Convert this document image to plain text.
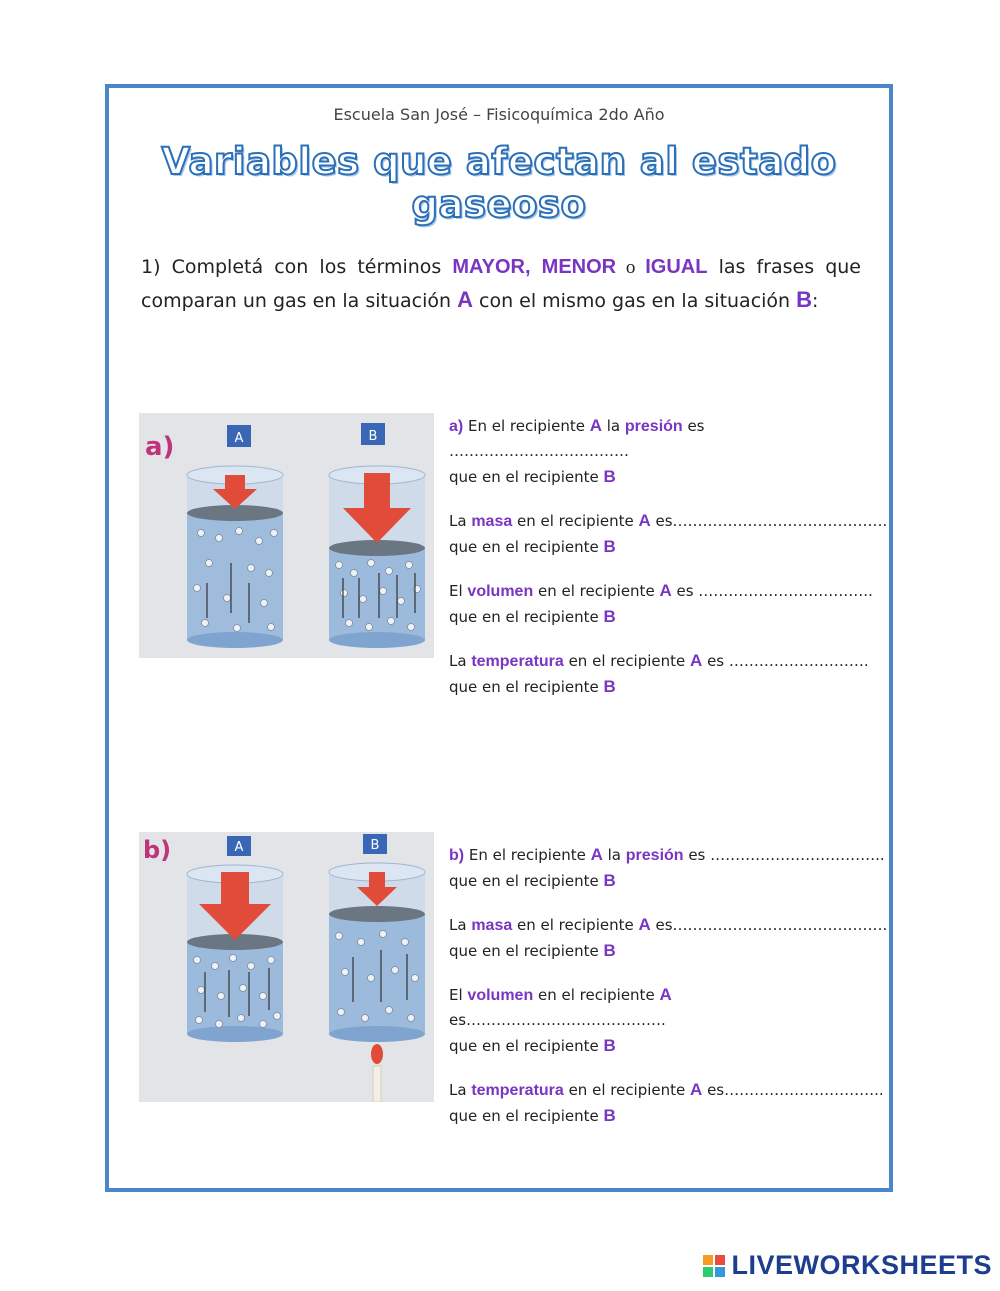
Escuela San José – Fisicoquímica 2do Año
Variables que afectan al estado gaseoso
1) Completá con los términos MAYOR, MENOR o IGUAL las frases que comparan un gas en la situación A con el mismo gas en la situación B:
a)	A	B
a) En el recipiente A la presión es ………………………………
que en el recipiente B
La masa en el recipiente A es…………………………………….
que en el recipiente B
El volumen en el recipiente A es ……………………………..
que en el recipiente B
La temperatura en el recipiente A es ……………………….
que en el recipiente B
b)	A	B
b) En el recipiente A la presión es ……………………………..
que en el recipiente B
La masa en el recipiente A es…………………………………….
que en el recipiente B
El volumen en el recipiente A es………………………………….
que en el recipiente B
La temperatura en el recipiente A es…………………………..
que en el recipiente B
LIVEWORKSHEETS
